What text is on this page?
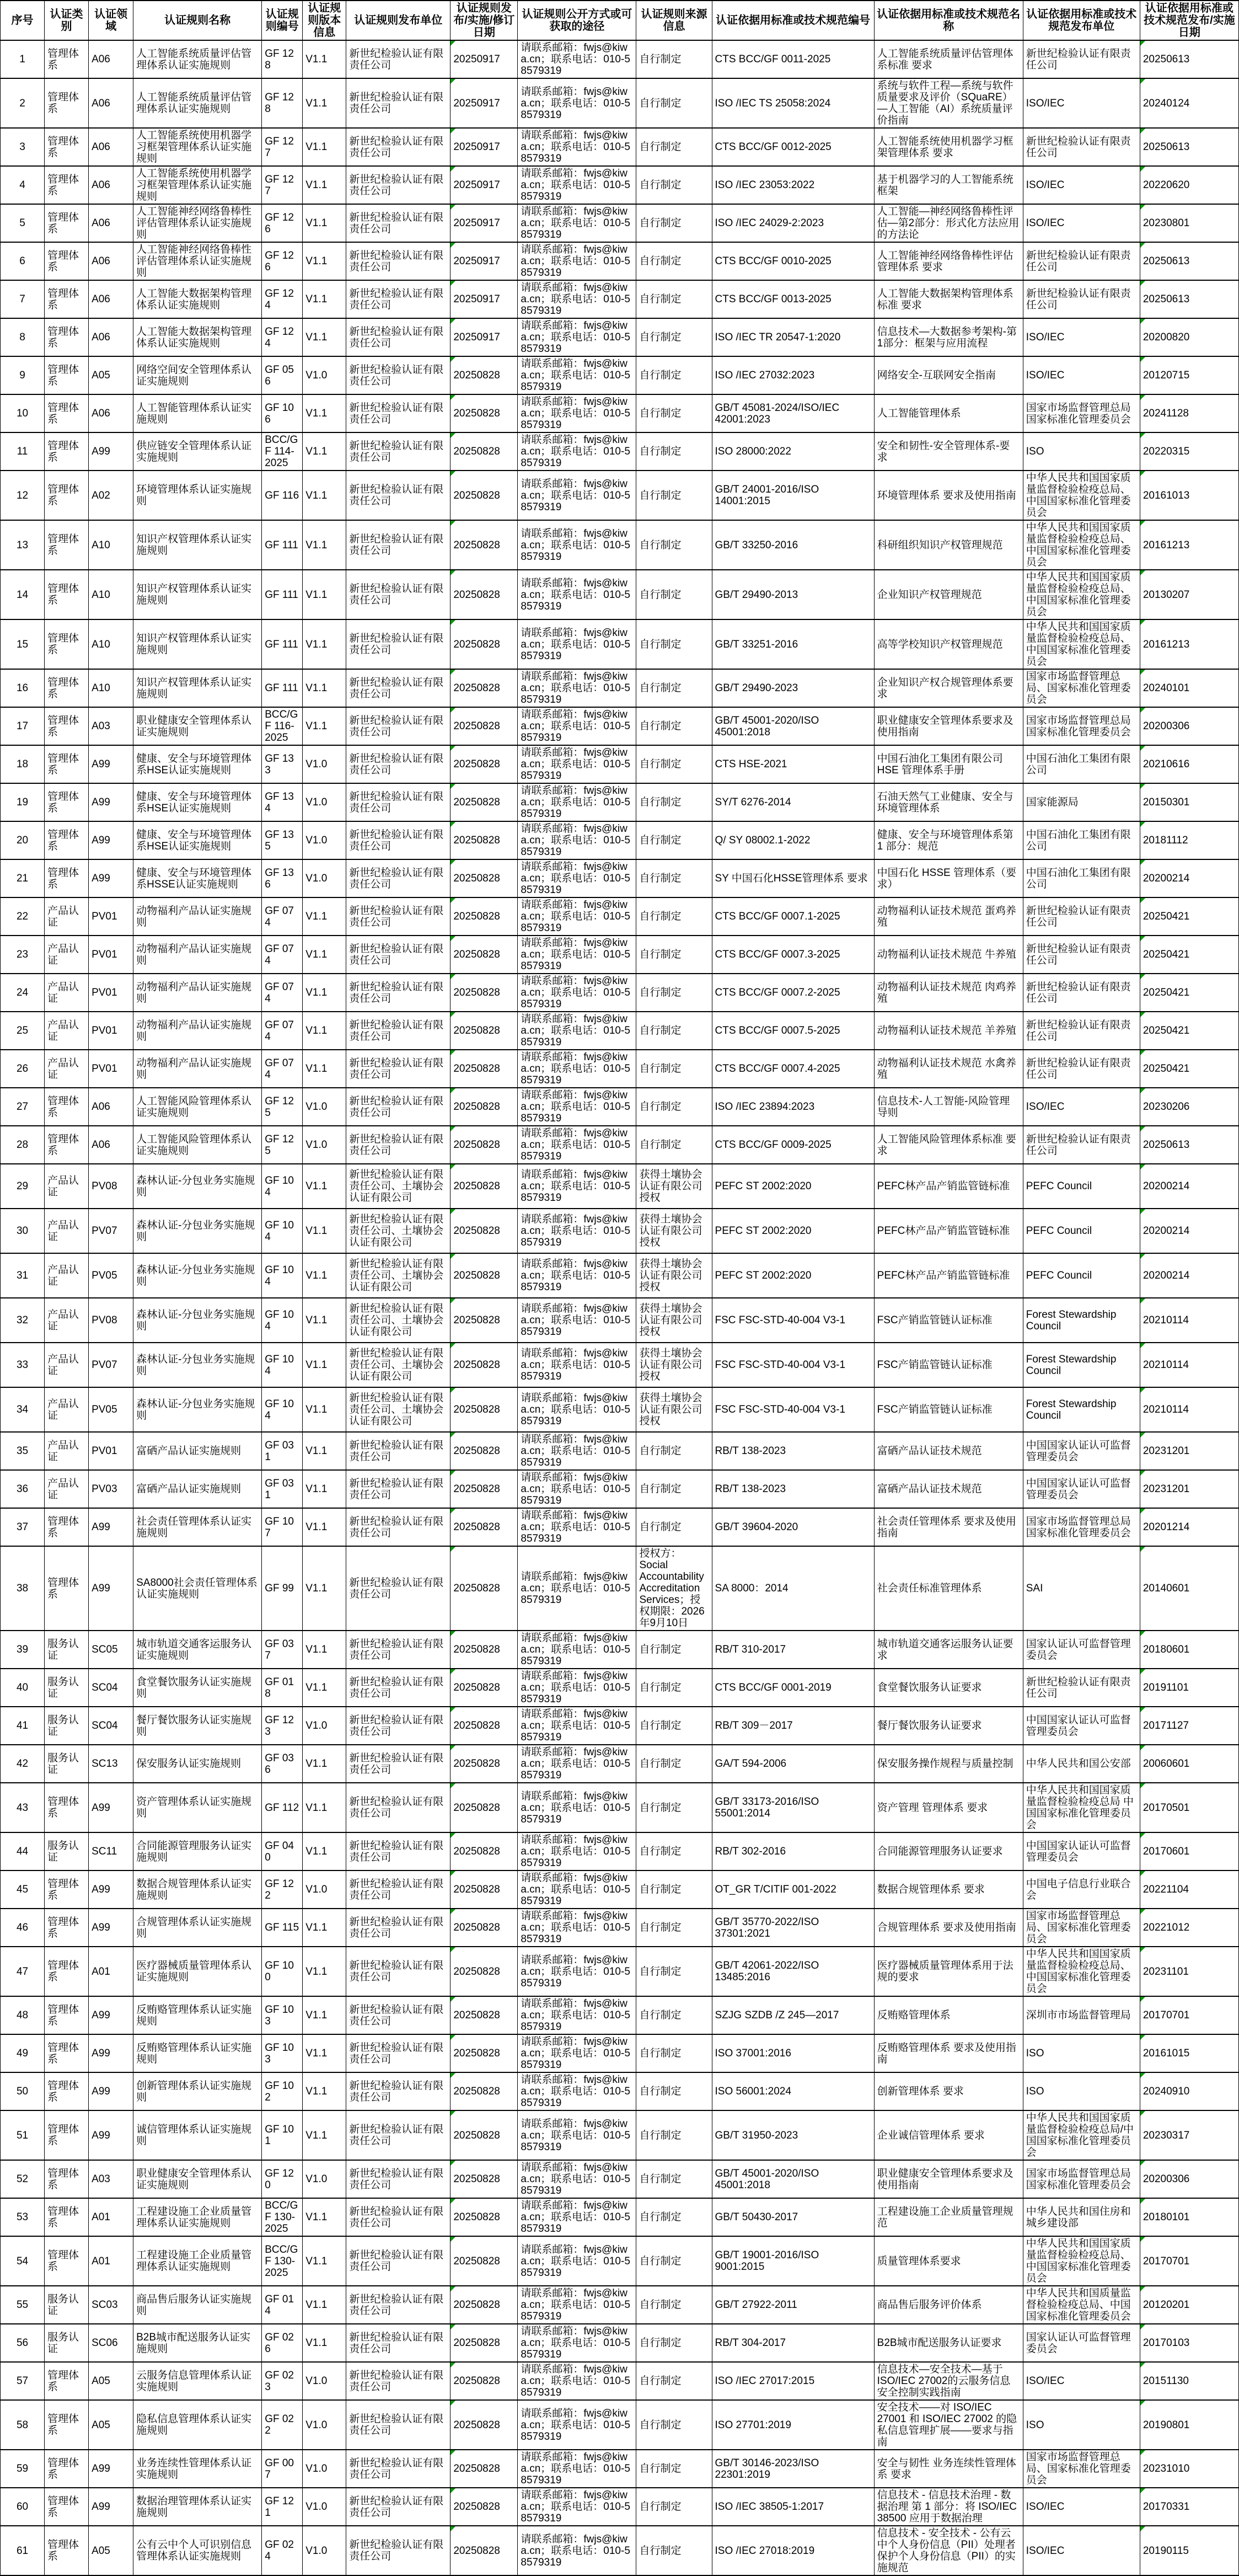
序号	认证类别	认证领域	认证规则名称	认证规则编号	认证规则版本信息	认证规则发布单位	认证规则发布/实施/修订日期	认证规则公开方式或可获取的途径	认证规则来源信息	认证依据用标准或技术规范编号	认证依据用标准或技术规范名称	认证依据用标准或技术规范发布单位	认证依据用标准或技术规范发布/实施日期
1	管理体系	A06	人工智能系统质量评估管理体系认证实施规则	GF 128	V1.1	新世纪检验认证有限责任公司	20250917	请联系邮箱：fwjs@kiwa.cn；联系电话：010-58579319	自行制定	CTS BCC/GF 0011-2025	人工智能系统质量评估管理体系标准 要求	新世纪检验认证有限责任公司	20250613
2	管理体系	A06	人工智能系统质量评估管理体系认证实施规则	GF 128	V1.1	新世纪检验认证有限责任公司	20250917	请联系邮箱：fwjs@kiwa.cn；联系电话：010-58579319	自行制定	ISO /IEC TS 25058:2024	系统与软件工程—系统与软件质量要求及评价（SQuaRE）—人工智能（AI）系统质量评价指南	ISO/IEC	20240124
3	管理体系	A06	人工智能系统使用机器学习框架管理体系认证实施规则	GF 127	V1.1	新世纪检验认证有限责任公司	20250917	请联系邮箱：fwjs@kiwa.cn；联系电话：010-58579319	自行制定	CTS BCC/GF 0012-2025	人工智能系统使用机器学习框架管理体系 要求	新世纪检验认证有限责任公司	20250613
4	管理体系	A06	人工智能系统使用机器学习框架管理体系认证实施规则	GF 127	V1.1	新世纪检验认证有限责任公司	20250917	请联系邮箱：fwjs@kiwa.cn；联系电话：010-58579319	自行制定	ISO /IEC 23053:2022	基于机器学习的人工智能系统框架	ISO/IEC	20220620
5	管理体系	A06	人工智能神经网络鲁棒性评估管理体系认证实施规则	GF 126	V1.1	新世纪检验认证有限责任公司	20250917	请联系邮箱：fwjs@kiwa.cn；联系电话：010-58579319	自行制定	ISO /IEC 24029-2:2023	人工智能—神经网络鲁棒性评估—第2部分：形式化方法应用的方法论	ISO/IEC	20230801
6	管理体系	A06	人工智能神经网络鲁棒性评估管理体系认证实施规则	GF 126	V1.1	新世纪检验认证有限责任公司	20250917	请联系邮箱：fwjs@kiwa.cn；联系电话：010-58579319	自行制定	CTS BCC/GF 0010-2025	人工智能神经网络鲁棒性评估管理体系 要求	新世纪检验认证有限责任公司	20250613
7	管理体系	A06	人工智能大数据架构管理体系认证实施规则	GF 124	V1.1	新世纪检验认证有限责任公司	20250917	请联系邮箱：fwjs@kiwa.cn；联系电话：010-58579319	自行制定	CTS BCC/GF 0013-2025	人工智能大数据架构管理体系标准 要求	新世纪检验认证有限责任公司	20250613
8	管理体系	A06	人工智能大数据架构管理体系认证实施规则	GF 124	V1.1	新世纪检验认证有限责任公司	20250917	请联系邮箱：fwjs@kiwa.cn；联系电话：010-58579319	自行制定	ISO /IEC TR 20547-1:2020	信息技术—大数据参考架构-第1部分：框架与应用流程	ISO/IEC	20200820
9	管理体系	A05	网络空间安全管理体系认证实施规则	GF 056	V1.0	新世纪检验认证有限责任公司	20250828	请联系邮箱：fwjs@kiwa.cn；联系电话：010-58579319	自行制定	ISO /IEC 27032:2023	网络安全-互联网安全指南	ISO/IEC	20120715
10	管理体系	A06	人工智能管理体系认证实施规则	GF 106	V1.1	新世纪检验认证有限责任公司	20250828	请联系邮箱：fwjs@kiwa.cn；联系电话：010-58579319	自行制定	GB/T 45081-2024/ISO/IEC 42001:2023	人工智能管理体系	国家市场监督管理总局 国家标准化管理委员会	20241128
11	管理体系	A99	供应链安全管理体系认证实施规则	BCC/GF 114-2025	V1.1	新世纪检验认证有限责任公司	20250828	请联系邮箱：fwjs@kiwa.cn；联系电话：010-58579319	自行制定	ISO 28000:2022	安全和韧性-安全管理体系-要求	ISO	20220315
12	管理体系	A02	环境管理体系认证实施规则	GF 116	V1.1	新世纪检验认证有限责任公司	20250828	请联系邮箱：fwjs@kiwa.cn；联系电话：010-58579319	自行制定	GB/T 24001-2016/ISO 14001:2015	环境管理体系 要求及使用指南	中华人民共和国国家质量监督检验检疫总局、中国国家标准化管理委员会	20161013
13	管理体系	A10	知识产权管理体系认证实施规则	GF 111	V1.1	新世纪检验认证有限责任公司	20250828	请联系邮箱：fwjs@kiwa.cn；联系电话：010-58579319	自行制定	GB/T 33250-2016	科研组织知识产权管理规范	中华人民共和国国家质量监督检验检疫总局、中国国家标准化管理委员会	20161213
14	管理体系	A10	知识产权管理体系认证实施规则	GF 111	V1.1	新世纪检验认证有限责任公司	20250828	请联系邮箱：fwjs@kiwa.cn；联系电话：010-58579319	自行制定	GB/T 29490-2013	企业知识产权管理规范	中华人民共和国国家质量监督检验检疫总局、中国国家标准化管理委员会	20130207
15	管理体系	A10	知识产权管理体系认证实施规则	GF 111	V1.1	新世纪检验认证有限责任公司	20250828	请联系邮箱：fwjs@kiwa.cn；联系电话：010-58579319	自行制定	GB/T 33251-2016	高等学校知识产权管理规范	中华人民共和国国家质量监督检验检疫总局、中国国家标准化管理委员会	20161213
16	管理体系	A10	知识产权管理体系认证实施规则	GF 111	V1.1	新世纪检验认证有限责任公司	20250828	请联系邮箱：fwjs@kiwa.cn；联系电话：010-58579319	自行制定	GB/T 29490-2023	企业知识产权合规管理体系要求	国家市场监督管理总局、国家标准化管理委员会	20240101
17	管理体系	A03	职业健康安全管理体系认证实施规则	BCC/GF 116-2025	V1.1	新世纪检验认证有限责任公司	20250828	请联系邮箱：fwjs@kiwa.cn；联系电话：010-58579319	自行制定	GB/T 45001-2020/ISO 45001:2018	职业健康安全管理体系要求及使用指南	国家市场监督管理总局 国家标准化管理委员会	20200306
18	管理体系	A99	健康、安全与环境管理体系HSE认证实施规则	GF 133	V1.0	新世纪检验认证有限责任公司	20250828	请联系邮箱：fwjs@kiwa.cn；联系电话：010-58579319	自行制定	CTS HSE-2021	中国石油化工集团有限公司 HSE 管理体系手册	中国石油化工集团有限公司	20210616
19	管理体系	A99	健康、安全与环境管理体系HSE认证实施规则	GF 134	V1.0	新世纪检验认证有限责任公司	20250828	请联系邮箱：fwjs@kiwa.cn；联系电话：010-58579319	自行制定	SY/T 6276-2014	石油天然气工业健康、安全与环境管理体系	国家能源局	20150301
20	管理体系	A99	健康、安全与环境管理体系HSE认证实施规则	GF 135	V1.0	新世纪检验认证有限责任公司	20250828	请联系邮箱：fwjs@kiwa.cn；联系电话：010-58579319	自行制定	Q/ SY 08002.1-2022	健康、安全与环境管理体系第 1 部分：规范	中国石油化工集团有限公司	20181112
21	管理体系	A99	健康、安全与环境管理体系HSSE认证实施规则	GF 136	V1.0	新世纪检验认证有限责任公司	20250828	请联系邮箱：fwjs@kiwa.cn；联系电话：010-58579319	自行制定	SY 中国石化HSSE管理体系 要求	中国石化 HSSE 管理体系（要求）	中国石油化工集团有限公司	20200214
22	产品认证	PV01	动物福利产品认证实施规则	GF 074	V1.1	新世纪检验认证有限责任公司	20250828	请联系邮箱：fwjs@kiwa.cn；联系电话：010-58579319	自行制定	CTS BCC/GF 0007.1-2025	动物福利认证技术规范 蛋鸡养殖	新世纪检验认证有限责任公司	20250421
23	产品认证	PV01	动物福利产品认证实施规则	GF 074	V1.1	新世纪检验认证有限责任公司	20250828	请联系邮箱：fwjs@kiwa.cn；联系电话：010-58579319	自行制定	CTS BCC/GF 0007.3-2025	动物福利认证技术规范 牛养殖	新世纪检验认证有限责任公司	20250421
24	产品认证	PV01	动物福利产品认证实施规则	GF 074	V1.1	新世纪检验认证有限责任公司	20250828	请联系邮箱：fwjs@kiwa.cn；联系电话：010-58579319	自行制定	CTS BCC/GF 0007.2-2025	动物福利认证技术规范 肉鸡养殖	新世纪检验认证有限责任公司	20250421
25	产品认证	PV01	动物福利产品认证实施规则	GF 074	V1.1	新世纪检验认证有限责任公司	20250828	请联系邮箱：fwjs@kiwa.cn；联系电话：010-58579319	自行制定	CTS BCC/GF 0007.5-2025	动物福利认证技术规范 羊养殖	新世纪检验认证有限责任公司	20250421
26	产品认证	PV01	动物福利产品认证实施规则	GF 074	V1.1	新世纪检验认证有限责任公司	20250828	请联系邮箱：fwjs@kiwa.cn；联系电话：010-58579319	自行制定	CTS BCC/GF 0007.4-2025	动物福利认证技术规范 水禽养殖	新世纪检验认证有限责任公司	20250421
27	管理体系	A06	人工智能风险管理体系认证实施规则	GF 125	V1.0	新世纪检验认证有限责任公司	20250828	请联系邮箱：fwjs@kiwa.cn；联系电话：010-58579319	自行制定	ISO /IEC 23894:2023	信息技术-人工智能-风险管理导则	ISO/IEC	20230206
28	管理体系	A06	人工智能风险管理体系认证实施规则	GF 125	V1.0	新世纪检验认证有限责任公司	20250828	请联系邮箱：fwjs@kiwa.cn；联系电话：010-58579319	自行制定	CTS BCC/GF 0009-2025	人工智能风险管理体系标准 要求	新世纪检验认证有限责任公司	20250613
29	产品认证	PV08	森林认证-分包业务实施规则	GF 104	V1.1	新世纪检验认证有限责任公司、土壤协会认证有限公司	20250828	请联系邮箱：fwjs@kiwa.cn；联系电话：010-58579319	获得土壤协会认证有限公司授权	PEFC ST 2002:2020	PEFC林产品产销监管链标准	PEFC Council	20200214
30	产品认证	PV07	森林认证-分包业务实施规则	GF 104	V1.1	新世纪检验认证有限责任公司、土壤协会认证有限公司	20250828	请联系邮箱：fwjs@kiwa.cn；联系电话：010-58579319	获得土壤协会认证有限公司授权	PEFC ST 2002:2020	PEFC林产品产销监管链标准	PEFC Council	20200214
31	产品认证	PV05	森林认证-分包业务实施规则	GF 104	V1.1	新世纪检验认证有限责任公司、土壤协会认证有限公司	20250828	请联系邮箱：fwjs@kiwa.cn；联系电话：010-58579319	获得土壤协会认证有限公司授权	PEFC ST 2002:2020	PEFC林产品产销监管链标准	PEFC Council	20200214
32	产品认证	PV08	森林认证-分包业务实施规则	GF 104	V1.1	新世纪检验认证有限责任公司、土壤协会认证有限公司	20250828	请联系邮箱：fwjs@kiwa.cn；联系电话：010-58579319	获得土壤协会认证有限公司授权	FSC FSC-STD-40-004 V3-1	FSC产销监管链认证标准	Forest Stewardship Council	20210114
33	产品认证	PV07	森林认证-分包业务实施规则	GF 104	V1.1	新世纪检验认证有限责任公司、土壤协会认证有限公司	20250828	请联系邮箱：fwjs@kiwa.cn；联系电话：010-58579319	获得土壤协会认证有限公司授权	FSC FSC-STD-40-004 V3-1	FSC产销监管链认证标准	Forest Stewardship Council	20210114
34	产品认证	PV05	森林认证-分包业务实施规则	GF 104	V1.1	新世纪检验认证有限责任公司、土壤协会认证有限公司	20250828	请联系邮箱：fwjs@kiwa.cn；联系电话：010-58579319	获得土壤协会认证有限公司授权	FSC FSC-STD-40-004 V3-1	FSC产销监管链认证标准	Forest Stewardship Council	20210114
35	产品认证	PV01	富硒产品认证实施规则	GF 031	V1.1	新世纪检验认证有限责任公司	20250828	请联系邮箱：fwjs@kiwa.cn；联系电话：010-58579319	自行制定	RB/T 138-2023	富硒产品认证技术规范	中国国家认证认可监督管理委员会	20231201
36	产品认证	PV03	富硒产品认证实施规则	GF 031	V1.1	新世纪检验认证有限责任公司	20250828	请联系邮箱：fwjs@kiwa.cn；联系电话：010-58579319	自行制定	RB/T 138-2023	富硒产品认证技术规范	中国国家认证认可监督管理委员会	20231201
37	管理体系	A99	社会责任管理体系认证实施规则	GF 107	V1.1	新世纪检验认证有限责任公司	20250828	请联系邮箱：fwjs@kiwa.cn；联系电话：010-58579319	自行制定	GB/T 39604-2020	社会责任管理体系 要求及使用指南	国家市场监督管理总局国家标准化管理委员会	20201214
38	管理体系	A99	SA8000社会责任管理体系认证实施规则	GF 99	V1.1	新世纪检验认证有限责任公司	20250828	请联系邮箱：fwjs@kiwa.cn；联系电话：010-58579319	授权方：Social Accountability Accreditation Services；授权期限：2026年9月10日	SA 8000：2014	社会责任标准管理体系	SAI	20140601
39	服务认证	SC05	城市轨道交通客运服务认证实施规则	GF 037	V1.1	新世纪检验认证有限责任公司	20250828	请联系邮箱：fwjs@kiwa.cn；联系电话：010-58579319	自行制定	RB/T 310-2017	城市轨道交通客运服务认证要求	国家认证认可监督管理委员会	20180601
40	服务认证	SC04	食堂餐饮服务认证实施规则	GF 018	V1.1	新世纪检验认证有限责任公司	20250828	请联系邮箱：fwjs@kiwa.cn；联系电话：010-58579319	自行制定	CTS BCC/GF 0001-2019	食堂餐饮服务认证要求	新世纪检验认证有限责任公司	20191101
41	服务认证	SC04	餐厅餐饮服务认证实施规则	GF 123	V1.0	新世纪检验认证有限责任公司	20250828	请联系邮箱：fwjs@kiwa.cn；联系电话：010-58579319	自行制定	RB/T 309－2017	餐厅餐饮服务认证要求	中国国家认证认可监督管理委员会	20171127
42	服务认证	SC13	保安服务认证实施规则	GF 036	V1.1	新世纪检验认证有限责任公司	20250828	请联系邮箱：fwjs@kiwa.cn；联系电话：010-58579319	自行制定	GA/T 594-2006	保安服务操作规程与质量控制	中华人民共和国公安部	20060601
43	管理体系	A99	资产管理体系认证实施规则	GF 112	V1.1	新世纪检验认证有限责任公司	20250828	请联系邮箱：fwjs@kiwa.cn；联系电话：010-58579319	自行制定	GB/T 33173-2016/ISO 55001:2014	资产管理 管理体系 要求	中华人民共和国国家质量监督检验检疫总局 中国国家标准化管理委员会	20170501
44	服务认证	SC11	合同能源管理服务认证实施规则	GF 040	V1.1	新世纪检验认证有限责任公司	20250828	请联系邮箱：fwjs@kiwa.cn；联系电话：010-58579319	自行制定	RB/T 302-2016	合同能源管理服务认证要求	中国国家认证认可监督管理委员会	20170601
45	管理体系	A99	数据合规管理体系认证实施规则	GF 122	V1.0	新世纪检验认证有限责任公司	20250828	请联系邮箱：fwjs@kiwa.cn；联系电话：010-58579319	自行制定	OT_GR T/CITIF 001-2022	数据合规管理体系 要求	中国电子信息行业联合会	20221104
46	管理体系	A99	合规管理体系认证实施规则	GF 115	V1.1	新世纪检验认证有限责任公司	20250828	请联系邮箱：fwjs@kiwa.cn；联系电话：010-58579319	自行制定	GB/T 35770-2022/ISO 37301:2021	合规管理体系 要求及使用指南	国家市场监督管理总局、国家标准化管理委员会	20221012
47	管理体系	A01	医疗器械质量管理体系认证实施规则	GF 100	V1.1	新世纪检验认证有限责任公司	20250828	请联系邮箱：fwjs@kiwa.cn；联系电话：010-58579319	自行制定	GB/T 42061-2022/ISO 13485:2016	医疗器械质量管理体系用于法规的要求	中华人民共和国国家质量监督检验检疫总局、中国国家标准化管理委员会	20231101
48	管理体系	A99	反贿赂管理体系认证实施规则	GF 103	V1.1	新世纪检验认证有限责任公司	20250828	请联系邮箱：fwjs@kiwa.cn；联系电话：010-58579319	自行制定	SZJG SZDB /Z 245—2017	反贿赂管理体系	深圳市市场监督管理局	20170701
49	管理体系	A99	反贿赂管理体系认证实施规则	GF 103	V1.1	新世纪检验认证有限责任公司	20250828	请联系邮箱：fwjs@kiwa.cn；联系电话：010-58579319	自行制定	ISO 37001:2016	反贿赂管理体系 要求及使用指南	ISO	20161015
50	管理体系	A99	创新管理体系认证实施规则	GF 102	V1.1	新世纪检验认证有限责任公司	20250828	请联系邮箱：fwjs@kiwa.cn；联系电话：010-58579319	自行制定	ISO 56001:2024	创新管理体系 要求	ISO	20240910
51	管理体系	A99	诚信管理体系认证实施规则	GF 101	V1.1	新世纪检验认证有限责任公司	20250828	请联系邮箱：fwjs@kiwa.cn；联系电话：010-58579319	自行制定	GB/T 31950-2023	企业诚信管理体系 要求	中华人民共和国国家质量监督检验检疫总局/中国国家标准化管理委员会	20230317
52	管理体系	A03	职业健康安全管理体系认证实施规则	GF 120	V1.0	新世纪检验认证有限责任公司	20250828	请联系邮箱：fwjs@kiwa.cn；联系电话：010-58579319	自行制定	GB/T 45001-2020/ISO 45001:2018	职业健康安全管理体系要求及使用指南	国家市场监督管理总局 国家标准化管理委员会	20200306
53	管理体系	A01	工程建设施工企业质量管理体系认证实施规则	BCC/GF 130-2025	V1.1	新世纪检验认证有限责任公司	20250828	请联系邮箱：fwjs@kiwa.cn；联系电话：010-58579319	自行制定	GB/T 50430-2017	工程建设施工企业质量管理规范	中华人民共和国住房和城乡建设部	20180101
54	管理体系	A01	工程建设施工企业质量管理体系认证实施规则	BCC/GF 130-2025	V1.1	新世纪检验认证有限责任公司	20250828	请联系邮箱：fwjs@kiwa.cn；联系电话：010-58579319	自行制定	GB/T 19001-2016/ISO 9001:2015	质量管理体系要求	中华人民共和国国家质量监督检验检疫总局、中国国家标准化管理委员会	20170701
55	服务认证	SC03	商品售后服务认证实施规则	GF 014	V1.1	新世纪检验认证有限责任公司	20250828	请联系邮箱：fwjs@kiwa.cn；联系电话：010-58579319	自行制定	GB/T 27922-2011	商品售后服务评价体系	中华人民共和国质量监督检验检疫总局、中国国家标准化管理委员会	20120201
56	服务认证	SC06	B2B城市配送服务认证实施规则	GF 026	V1.1	新世纪检验认证有限责任公司	20250828	请联系邮箱：fwjs@kiwa.cn；联系电话：010-58579319	自行制定	RB/T 304-2017	B2B城市配送服务认证要求	国家认证认可监督管理委员会	20170103
57	管理体系	A05	云服务信息管理体系认证实施规则	GF 023	V1.0	新世纪检验认证有限责任公司	20250828	请联系邮箱：fwjs@kiwa.cn；联系电话：010-58579319	自行制定	ISO /IEC 27017:2015	信息技术—安全技术—基于ISO/IEC 27002的云服务信息安全控制实践指南	ISO/IEC	20151130
58	管理体系	A05	隐私信息管理体系认证实施规则	GF 022	V1.0	新世纪检验认证有限责任公司	20250828	请联系邮箱：fwjs@kiwa.cn；联系电话：010-58579319	自行制定	ISO 27701:2019	安全技术——对 ISO/IEC 27001 和 ISO/IEC 27002 的隐私信息管理扩展——要求与指南	ISO	20190801
59	管理体系	A99	业务连续性管理体系认证实施规则	GF 007	V1.0	新世纪检验认证有限责任公司	20250828	请联系邮箱：fwjs@kiwa.cn；联系电话：010-58579319	自行制定	GB/T 30146-2023/ISO 22301:2019	安全与韧性 业务连续性管理体系 要求	国家市场监督管理总局、国家标准化管理委员会	20231010
60	管理体系	A99	数据治理管理体系认证实施规则	GF 121	V1.0	新世纪检验认证有限责任公司	20250828	请联系邮箱：fwjs@kiwa.cn；联系电话：010-58579319	自行制定	ISO /IEC 38505-1:2017	信息技术 - 信息技术治理 - 数据治理 第 1 部分：将 ISO/IEC 38500 应用于数据治理	ISO/IEC	20170331
61	管理体系	A05	公有云中个人可识别信息管理体系认证实施规则	GF 024	V1.0	新世纪检验认证有限责任公司	20250828	请联系邮箱：fwjs@kiwa.cn；联系电话：010-58579319	自行制定	ISO /IEC 27018:2019	信息技术 - 安全技术 - 公有云中个人身份信息（PII）处理者保护个人身份信息（PII）的实施规范	ISO/IEC	20190115
